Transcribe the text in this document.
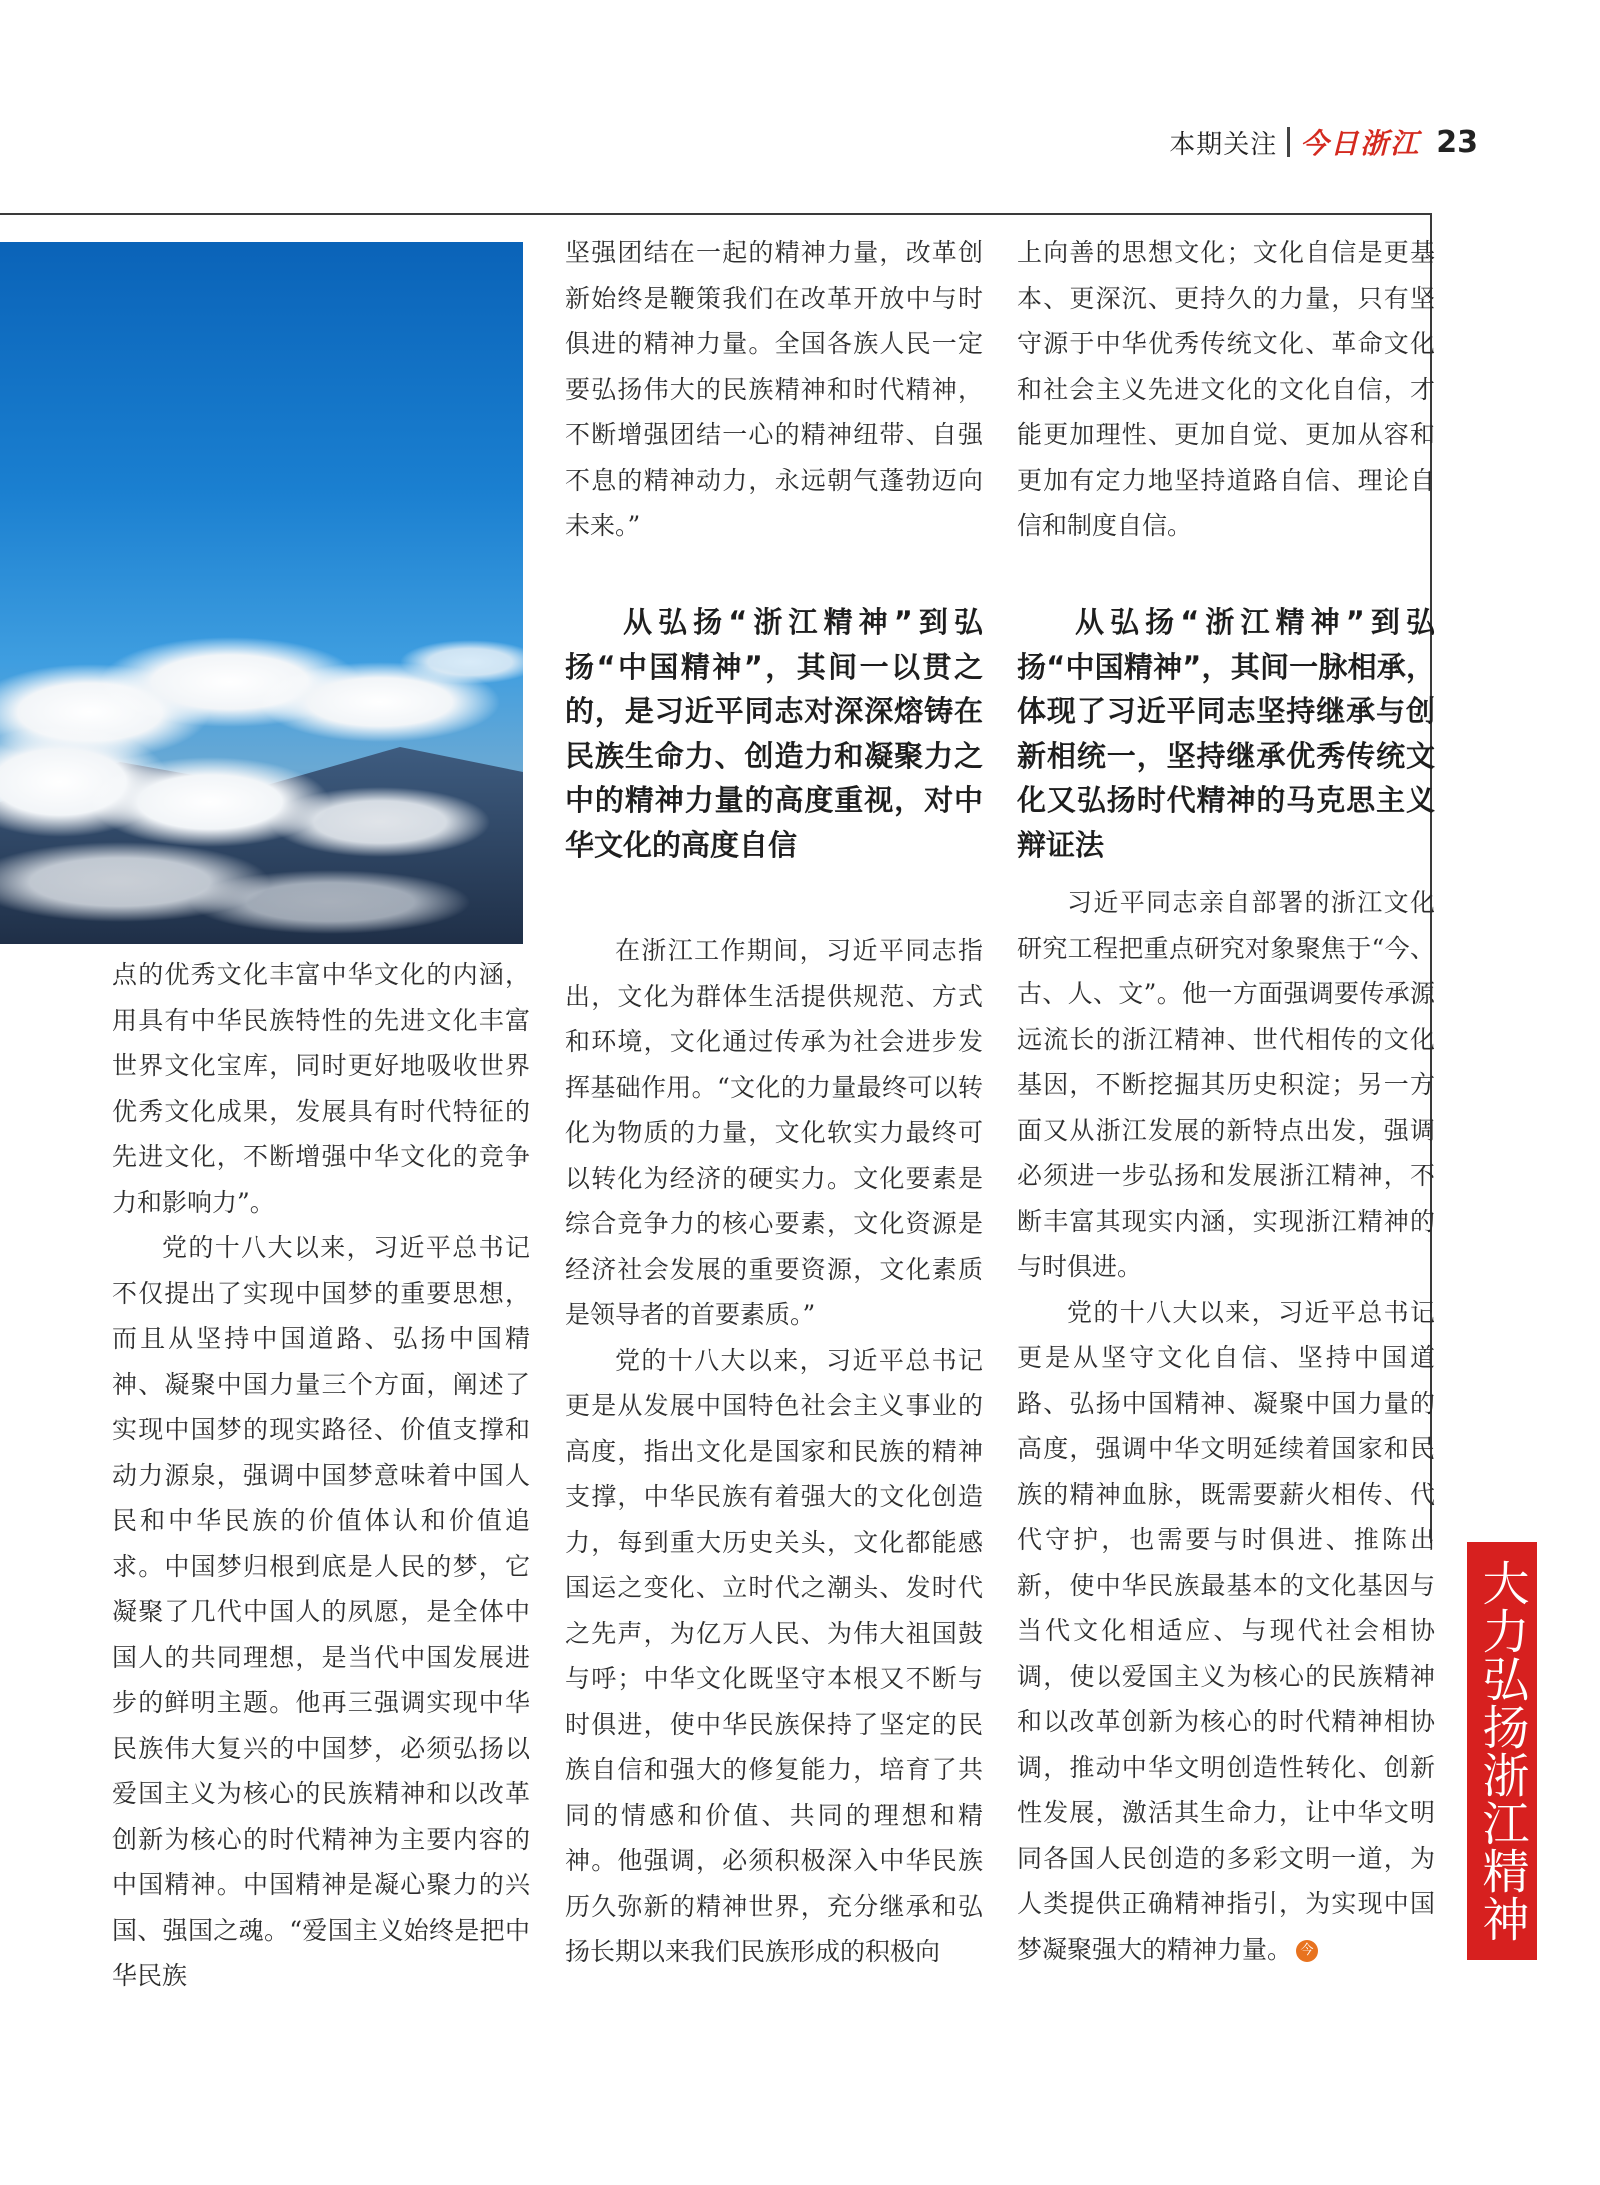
本期关注 今日浙江 23

点的优秀文化丰富中华文化的内涵，用具有中华民族特性的先进文化丰富世界文化宝库，同时更好地吸收世界优秀文化成果，发展具有时代特征的先进文化，不断增强中华文化的竞争力和影响力”。

党的十八大以来，习近平总书记不仅提出了实现中国梦的重要思想，而且从坚持中国道路、弘扬中国精神、凝聚中国力量三个方面，阐述了实现中国梦的现实路径、价值支撑和动力源泉，强调中国梦意味着中国人民和中华民族的价值体认和价值追求。中国梦归根到底是人民的梦，它凝聚了几代中国人的夙愿，是全体中国人的共同理想，是当代中国发展进步的鲜明主题。他再三强调实现中华民族伟大复兴的中国梦，必须弘扬以爱国主义为核心的民族精神和以改革创新为核心的时代精神为主要内容的中国精神。中国精神是凝心聚力的兴国、强国之魂。“爱国主义始终是把中华民族

坚强团结在一起的精神力量，改革创新始终是鞭策我们在改革开放中与时俱进的精神力量。全国各族人民一定要弘扬伟大的民族精神和时代精神，不断增强团结一心的精神纽带、自强不息的精神动力，永远朝气蓬勃迈向未来。”

从弘扬“浙江精神”到弘扬“中国精神”，其间一以贯之的，是习近平同志对深深熔铸在民族生命力、创造力和凝聚力之中的精神力量的高度重视，对中华文化的高度自信

在浙江工作期间，习近平同志指出，文化为群体生活提供规范、方式和环境，文化通过传承为社会进步发挥基础作用。“文化的力量最终可以转化为物质的力量，文化软实力最终可以转化为经济的硬实力。文化要素是综合竞争力的核心要素，文化资源是经济社会发展的重要资源，文化素质是领导者的首要素质。”

党的十八大以来，习近平总书记更是从发展中国特色社会主义事业的高度，指出文化是国家和民族的精神支撑，中华民族有着强大的文化创造力，每到重大历史关头，文化都能感国运之变化、立时代之潮头、发时代之先声，为亿万人民、为伟大祖国鼓与呼；中华文化既坚守本根又不断与时俱进，使中华民族保持了坚定的民族自信和强大的修复能力，培育了共同的情感和价值、共同的理想和精神。他强调，必须积极深入中华民族历久弥新的精神世界，充分继承和弘扬长期以来我们民族形成的积极向

上向善的思想文化；文化自信是更基本、更深沉、更持久的力量，只有坚守源于中华优秀传统文化、革命文化和社会主义先进文化的文化自信，才能更加理性、更加自觉、更加从容和更加有定力地坚持道路自信、理论自信和制度自信。

从弘扬“浙江精神”到弘扬“中国精神”，其间一脉相承，体现了习近平同志坚持继承与创新相统一，坚持继承优秀传统文化又弘扬时代精神的马克思主义辩证法

习近平同志亲自部署的浙江文化研究工程把重点研究对象聚焦于“今、古、人、文”。他一方面强调要传承源远流长的浙江精神、世代相传的文化基因，不断挖掘其历史积淀；另一方面又从浙江发展的新特点出发，强调必须进一步弘扬和发展浙江精神，不断丰富其现实内涵，实现浙江精神的与时俱进。

党的十八大以来，习近平总书记更是从坚守文化自信、坚持中国道路、弘扬中国精神、凝聚中国力量的高度，强调中华文明延续着国家和民族的精神血脉，既需要薪火相传、代代守护，也需要与时俱进、推陈出新，使中华民族最基本的文化基因与当代文化相适应、与现代社会相协调，使以爱国主义为核心的民族精神和以改革创新为核心的时代精神相协调，推动中华文明创造性转化、创新性发展，激活其生命力，让中华文明同各国人民创造的多彩文明一道，为人类提供正确精神指引，为实现中国梦凝聚强大的精神力量。 今

大力弘扬浙江精神
